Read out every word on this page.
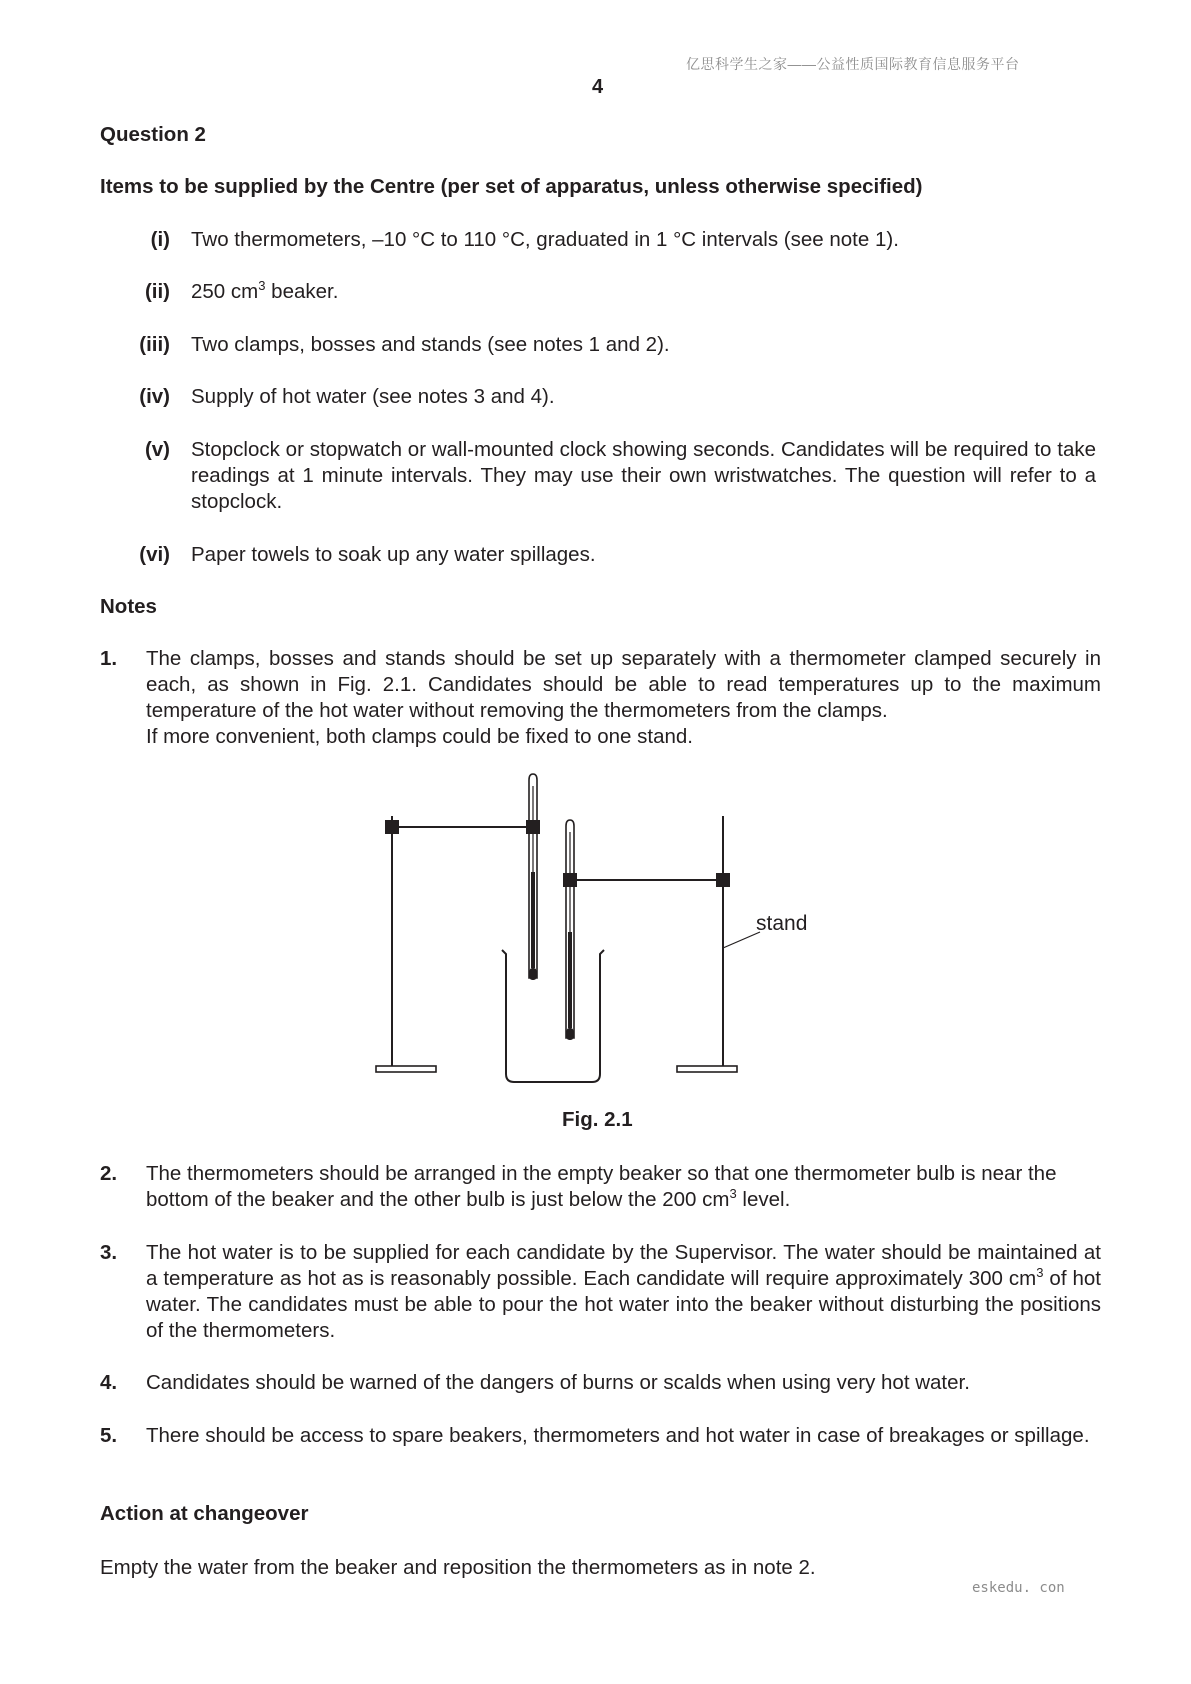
亿思科学生之家——公益性质国际教育信息服务平台
eskedu. con
4
Question 2
Items to be supplied by the Centre (per set of apparatus, unless otherwise specified)
(i) Two thermometers, –10 °C to 110 °C, graduated in 1 °C intervals (see note 1).
(ii) 250 $cm^3$ beaker.
(iii) Two clamps, bosses and stands (see notes 1 and 2).
(iv) Supply of hot water (see notes 3 and 4).
(v) Stopclock or stopwatch or wall-mounted clock showing seconds. Candidates will be required to take readings at 1 minute intervals. They may use their own wristwatches. The question will refer to a stopclock.
(vi) Paper towels to soak up any water spillages.
Notes
1. The clamps, bosses and stands should be set up separately with a thermometer clamped securely in each, as shown in Fig. 2.1. Candidates should be able to read temperatures up to the maximum temperature of the hot water without removing the thermometers from the clamps.
If more convenient, both clamps could be fixed to one stand.
stand
Fig. 2.1
2. The thermometers should be arranged in the empty beaker so that one thermometer bulb is near the bottom of the beaker and the other bulb is just below the 200 $cm^3$ level.
3. The hot water is to be supplied for each candidate by the Supervisor. The water should be maintained at a temperature as hot as is reasonably possible. Each candidate will require approximately 300 $cm^3$ of hot water. The candidates must be able to pour the hot water into the beaker without disturbing the positions of the thermometers.
4. Candidates should be warned of the dangers of burns or scalds when using very hot water.
5. There should be access to spare beakers, thermometers and hot water in case of breakages or spillage.
Action at changeover
Empty the water from the beaker and reposition the thermometers as in note 2.
